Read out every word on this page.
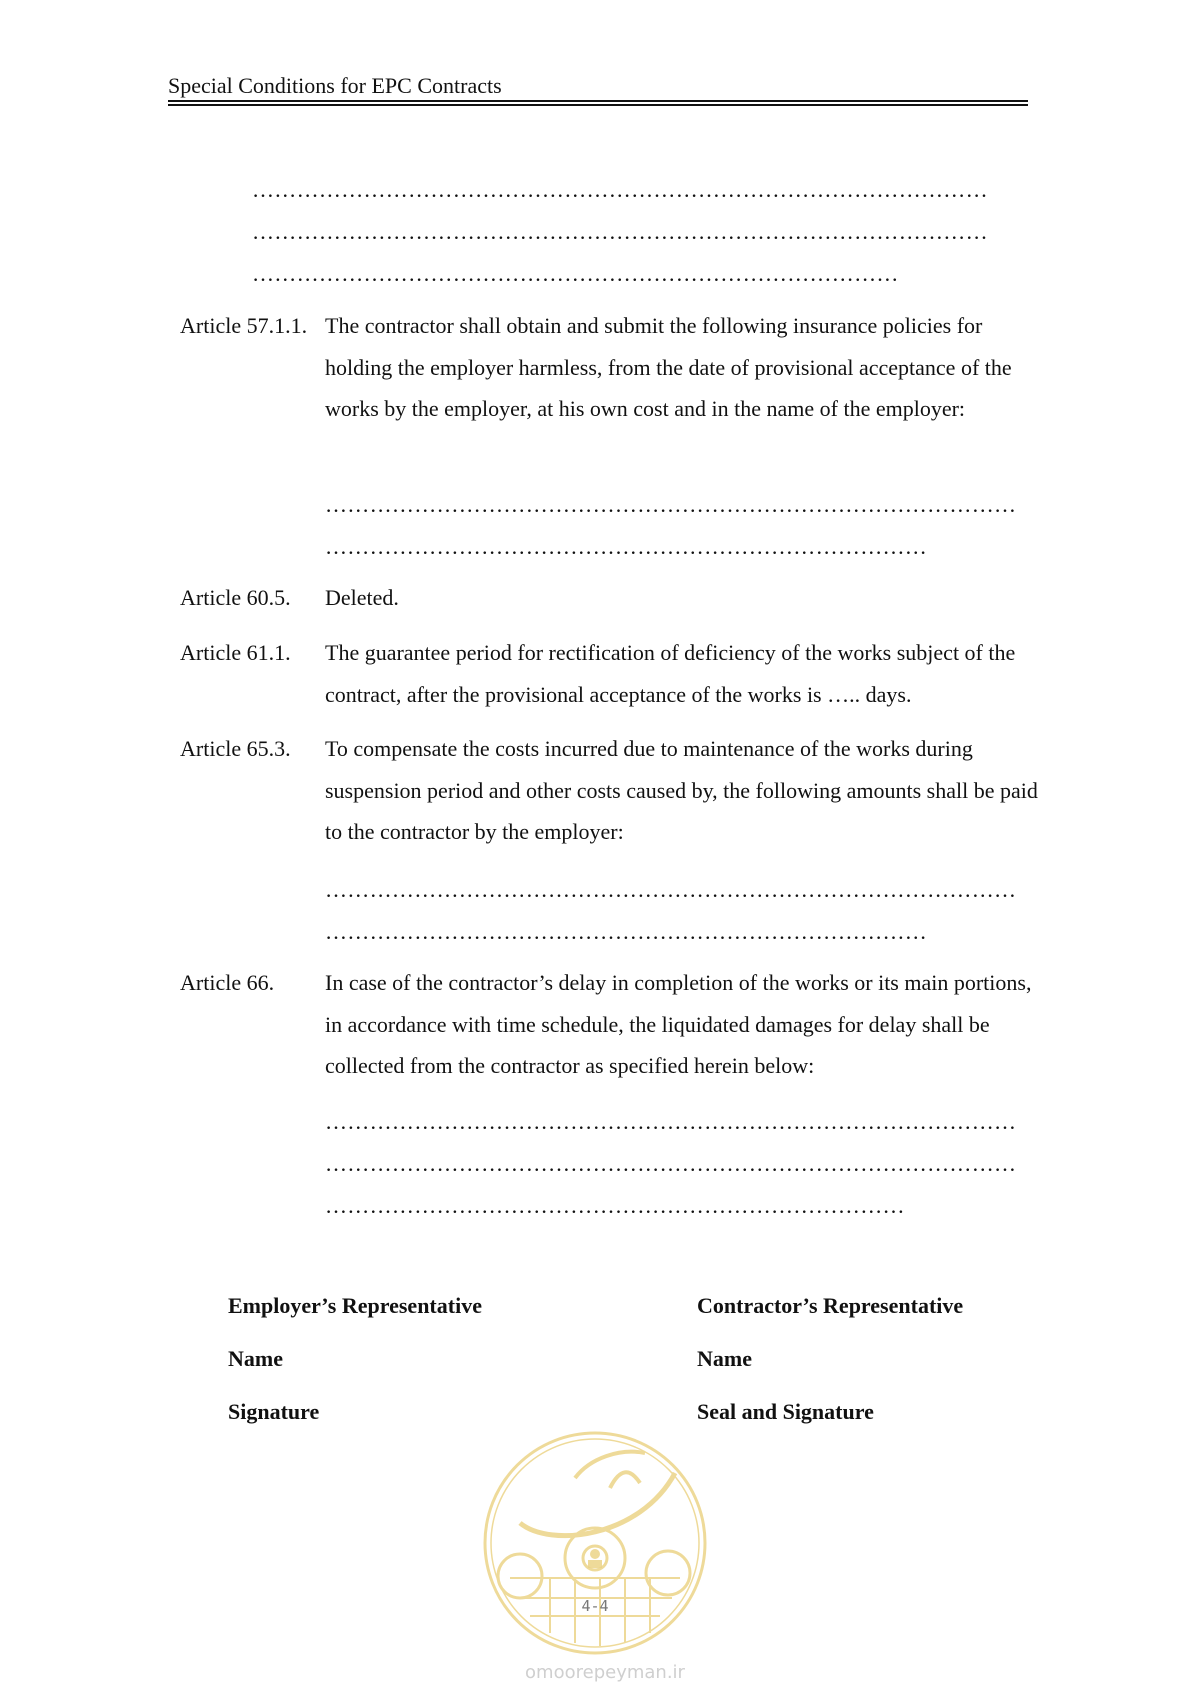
Special Conditions for EPC Contracts
………………………………………………………………………………………
………………………………………………………………………………………
……………………………………………………………………………
Article 57.1.1. The contractor shall obtain and submit the following insurance policies for holding the employer harmless, from the date of provisional acceptance of the works by the employer, at his own cost and in the name of the employer:
…………………………………………………………………………………
………………………………………………………………………
Article 60.5. Deleted.
Article 61.1. The guarantee period for rectification of deficiency of the works subject of the contract, after the provisional acceptance of the works is ….. days.
Article 65.3. To compensate the costs incurred due to maintenance of the works during suspension period and other costs caused by, the following amounts shall be paid to the contractor by the employer:
…………………………………………………………………………………
………………………………………………………………………
Article 66. In case of the contractor’s delay in completion of the works or its main portions, in accordance with time schedule, the liquidated damages for delay shall be collected from the contractor as specified herein below:
…………………………………………………………………………………
…………………………………………………………………………………
……………………………………………………………………
Employer’s Representative
Name
Signature
Contractor’s Representative
Name
Seal and Signature
4-4
omoorepeyman.ir
